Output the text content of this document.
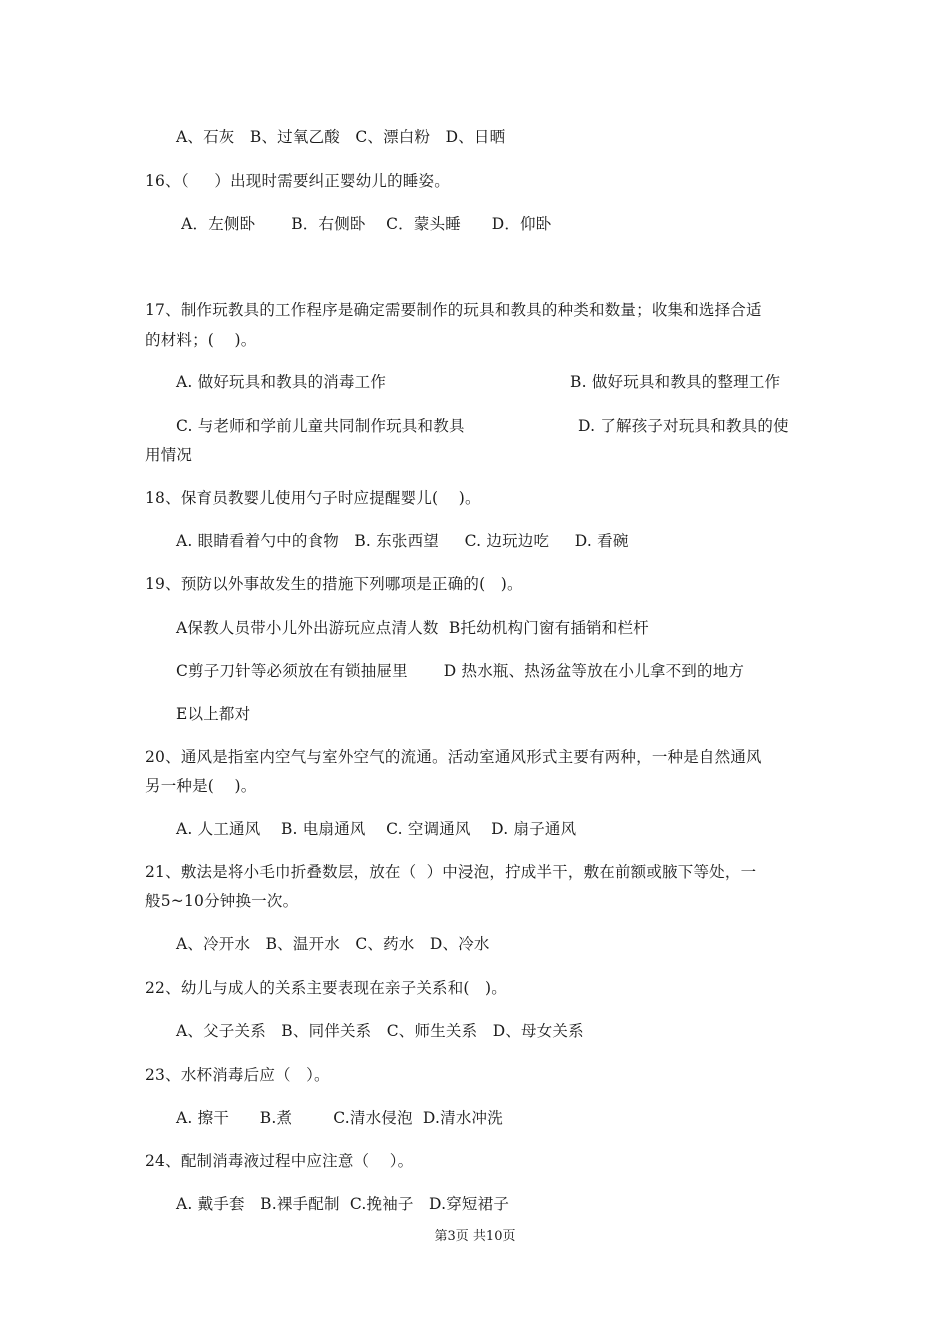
A、石灰   B、过氧乙酸   C、漂白粉   D、日晒
16、（     ）出现时需要纠正婴幼儿的睡姿。
A．左侧卧       B．右侧卧    C．蒙头睡      D．仰卧
17、制作玩教具的工作程序是确定需要制作的玩具和教具的种类和数量；收集和选择合适
的材料；(    )。
A. 做好玩具和教具的消毒工作	B. 做好玩具和教具的整理工作
C. 与老师和学前儿童共同制作玩具和教具	D. 了解孩子对玩具和教具的使
用情况
18、保育员教婴儿使用勺子时应提醒婴儿(    )。
A. 眼睛看着勺中的食物   B. 东张西望     C. 边玩边吃     D. 看碗
19、预防以外事故发生的措施下列哪项是正确的(   )。
A保教人员带小儿外出游玩应点清人数  B托幼机构门窗有插销和栏杆
C剪子刀针等必须放在有锁抽屉里       D 热水瓶、热汤盆等放在小儿拿不到的地方
E以上都对
20、通风是指室内空气与室外空气的流通。活动室通风形式主要有两种，一种是自然通风
另一种是(    )。
A. 人工通风    B. 电扇通风    C. 空调通风    D. 扇子通风
21、敷法是将小毛巾折叠数层，放在（  ）中浸泡，拧成半干，敷在前额或腋下等处，一
般5~10分钟换一次。
A、冷开水   B、温开水   C、药水   D、冷水
22、幼儿与成人的关系主要表现在亲子关系和(   )。
A、父子关系   B、同伴关系   C、师生关系   D、母女关系
23、水杯消毒后应（   ）。
A. 擦干      B.煮        C.清水侵泡  D.清水冲洗
24、配制消毒液过程中应注意（    ）。
A. 戴手套   B.裸手配制  C.挽袖子   D.穿短裙子
第3页 共10页
